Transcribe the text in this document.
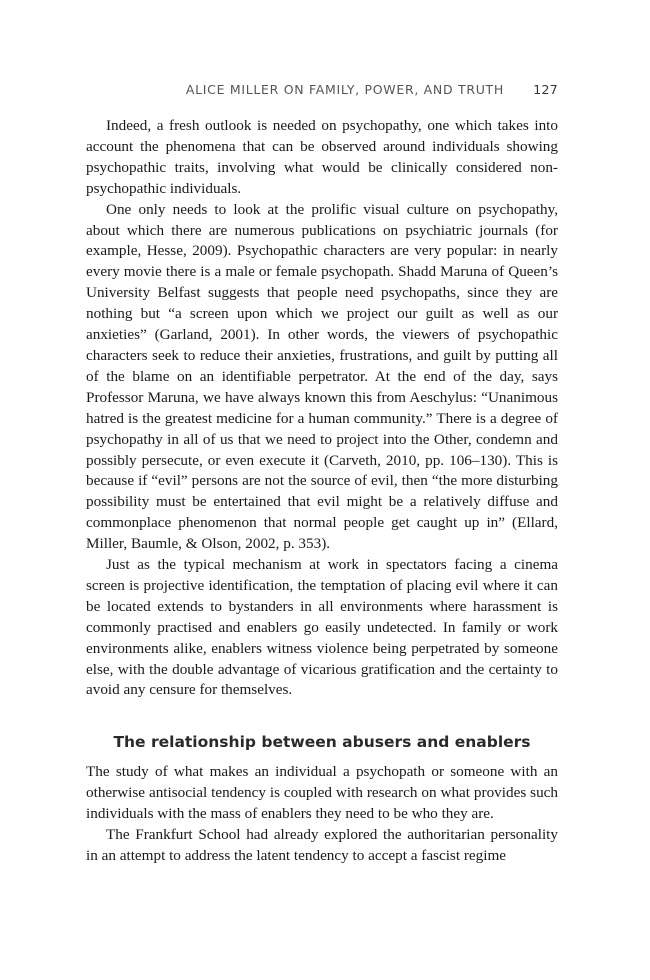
ALICE MILLER ON FAMILY, POWER, AND TRUTH 127

Indeed, a fresh outlook is needed on psychopathy, one which takes into account the phenomena that can be observed around individuals showing psychopathic traits, involving what would be clinically considered non-psychopathic individuals.

One only needs to look at the prolific visual culture on psychopathy, about which there are numerous publications on psychiatric journals (for example, Hesse, 2009). Psychopathic characters are very popular: in nearly every movie there is a male or female psychopath. Shadd Maruna of Queen’s University Belfast suggests that people need psychopaths, since they are nothing but “a screen upon which we project our guilt as well as our anxieties” (Garland, 2001). In other words, the viewers of psychopathic characters seek to reduce their anxieties, frustrations, and guilt by putting all of the blame on an identifiable perpetrator. At the end of the day, says Professor Maruna, we have always known this from Aeschylus: “Unanimous hatred is the greatest medicine for a human community.” There is a degree of psychopathy in all of us that we need to project into the Other, condemn and possibly persecute, or even execute it (Carveth, 2010, pp. 106–130). This is because if “evil” persons are not the source of evil, then “the more disturbing possibility must be entertained that evil might be a relatively diffuse and commonplace phenomenon that normal people get caught up in” (Ellard, Miller, Baumle, & Olson, 2002, p. 353).

Just as the typical mechanism at work in spectators facing a cinema screen is projective identification, the temptation of placing evil where it can be located extends to bystanders in all environments where harassment is commonly practised and enablers go easily undetected. In family or work environments alike, enablers witness violence being perpetrated by someone else, with the double advantage of vicarious gratification and the certainty to avoid any censure for themselves.

The relationship between abusers and enablers

The study of what makes an individual a psychopath or someone with an otherwise antisocial tendency is coupled with research on what provides such individuals with the mass of enablers they need to be who they are.

The Frankfurt School had already explored the authoritarian personality in an attempt to address the latent tendency to accept a fascist regime
